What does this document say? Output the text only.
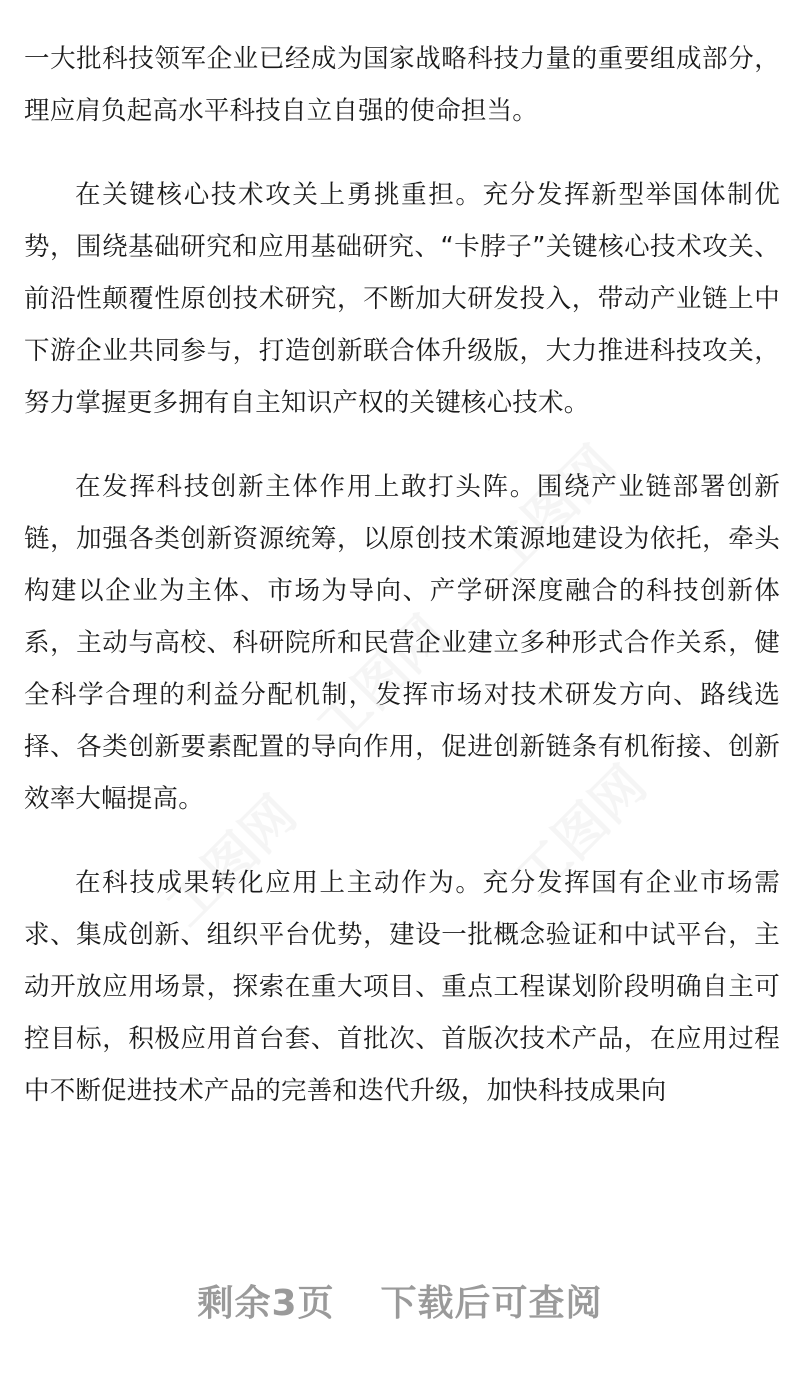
工图网
工图网
工图网
工图网

一大批科技领军企业已经成为国家战略科技力量的重要组成部分，理应肩负起高水平科技自立自强的使命担当。

在关键核心技术攻关上勇挑重担。充分发挥新型举国体制优势，围绕基础研究和应用基础研究、“卡脖子”关键核心技术攻关、前沿性颠覆性原创技术研究，不断加大研发投入，带动产业链上中下游企业共同参与，打造创新联合体升级版，大力推进科技攻关，努力掌握更多拥有自主知识产权的关键核心技术。

在发挥科技创新主体作用上敢打头阵。围绕产业链部署创新链，加强各类创新资源统筹，以原创技术策源地建设为依托，牵头构建以企业为主体、市场为导向、产学研深度融合的科技创新体系，主动与高校、科研院所和民营企业建立多种形式合作关系，健全科学合理的利益分配机制，发挥市场对技术研发方向、路线选择、各类创新要素配置的导向作用，促进创新链条有机衔接、创新效率大幅提高。

在科技成果转化应用上主动作为。充分发挥国有企业市场需求、集成创新、组织平台优势，建设一批概念验证和中试平台，主动开放应用场景，探索在重大项目、重点工程谋划阶段明确自主可控目标，积极应用首台套、首批次、首版次技术产品，在应用过程中不断促进技术产品的完善和迭代升级，加快科技成果向

剩余3页 下载后可查阅
